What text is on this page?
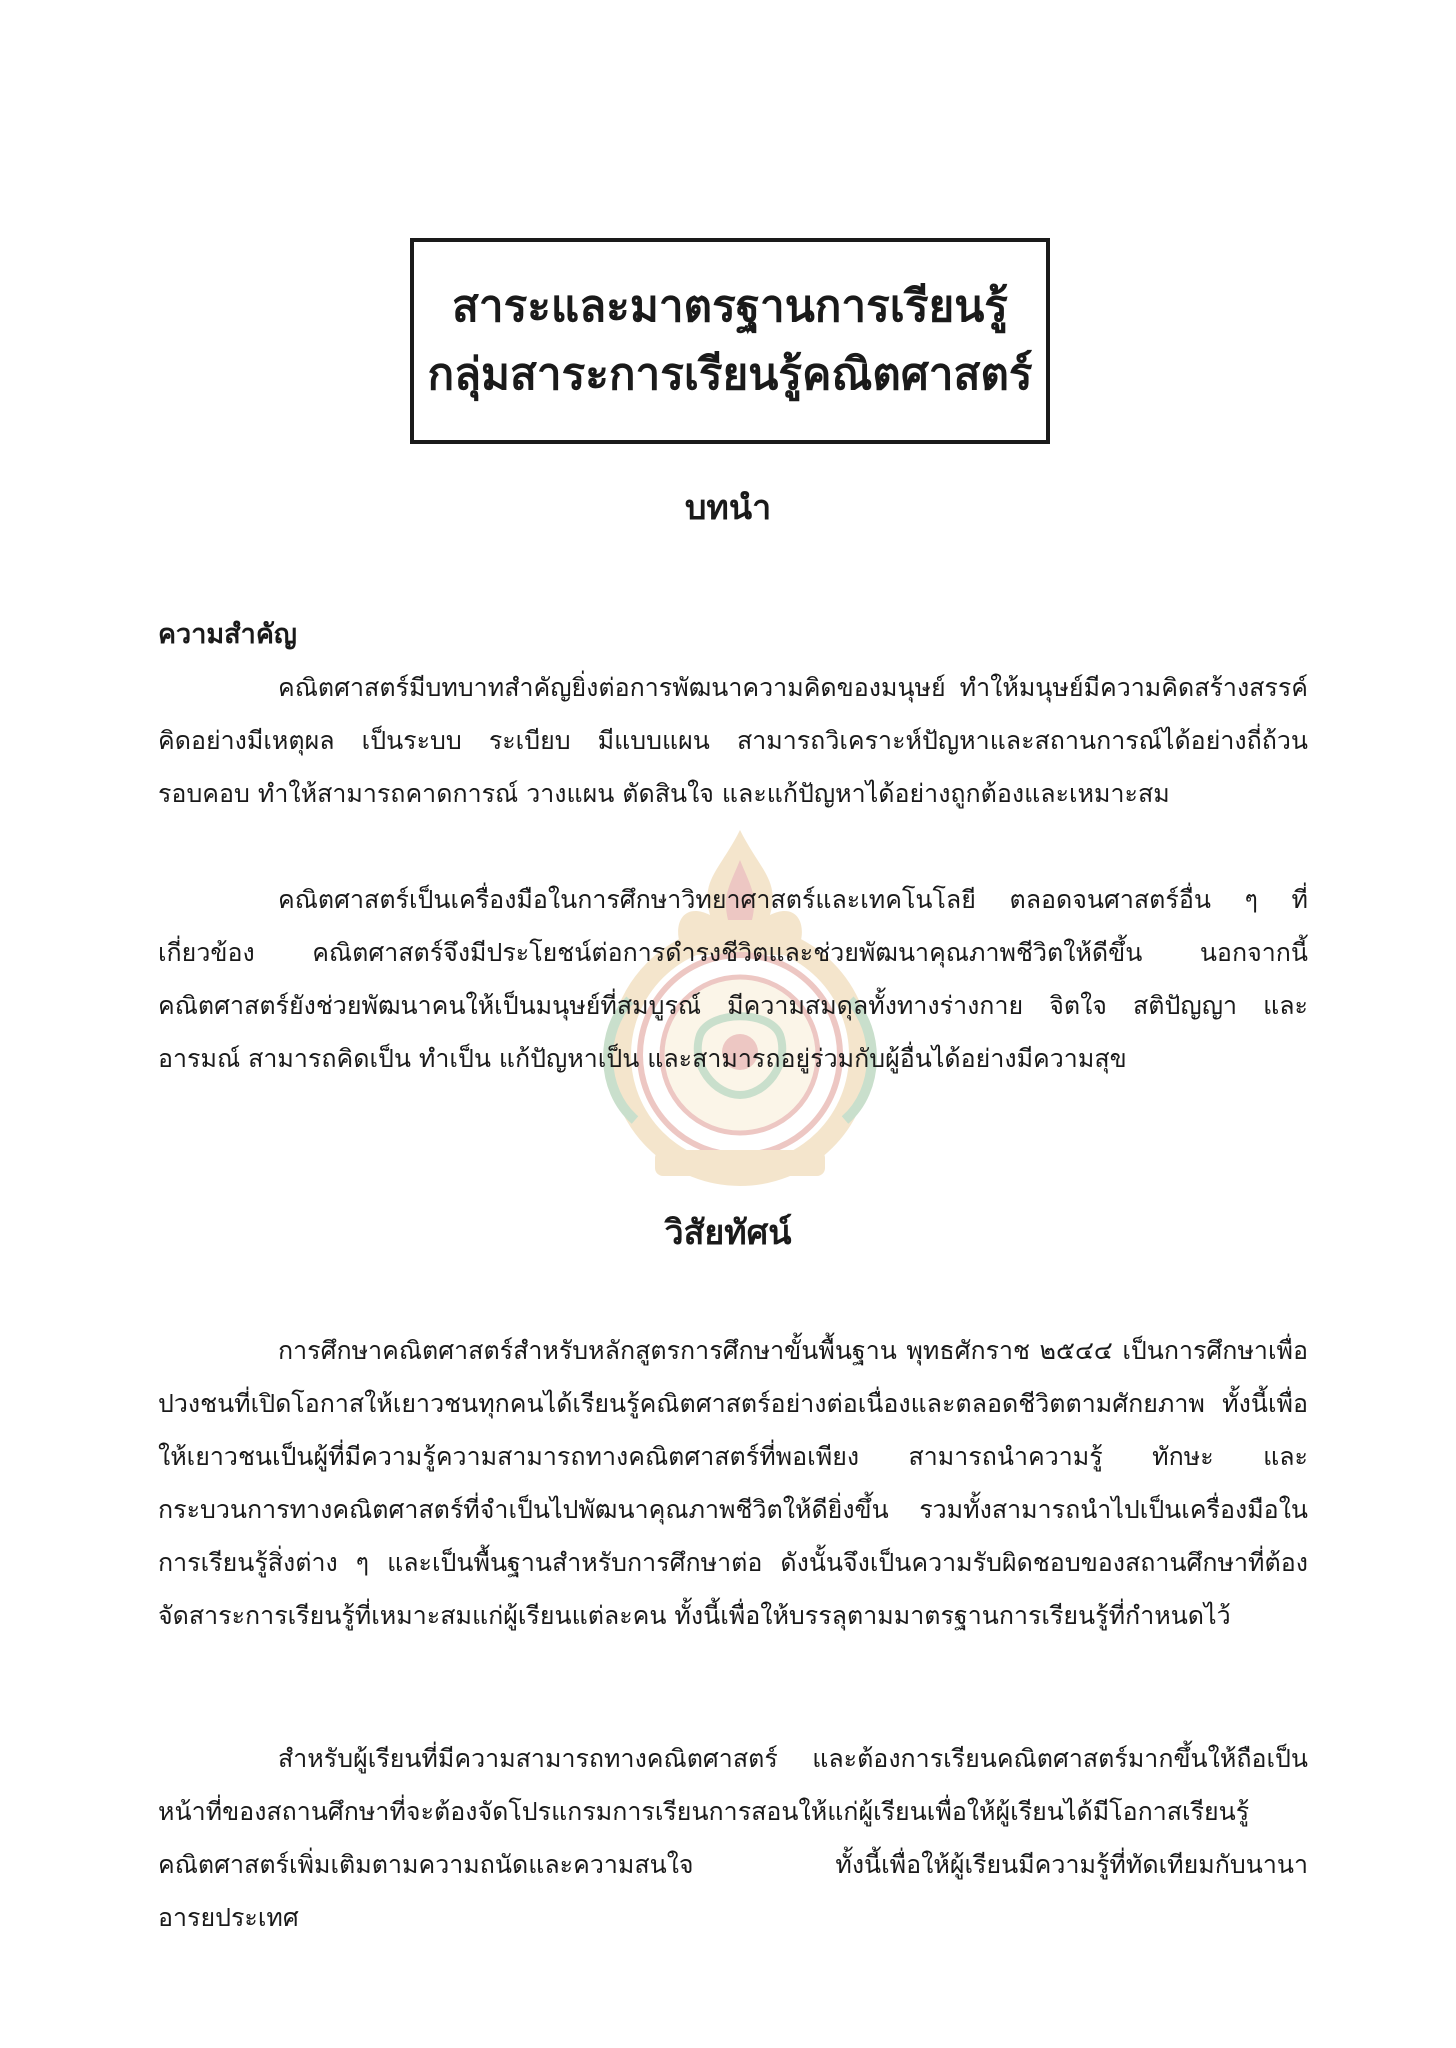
สาระและมาตรฐานการเรียนรู้
กลุ่มสาระการเรียนรู้คณิตศาสตร์
บทนำ
ความสำคัญ

คณิตศาสตร์มีบทบาทสำคัญยิ่งต่อการพัฒนาความคิดของมนุษย์ ทำให้มนุษย์มีความคิดสร้างสรรค์ คิดอย่างมีเหตุผล เป็นระบบ ระเบียบ มีแบบแผน สามารถวิเคราะห์ปัญหาและสถานการณ์ได้อย่างถี่ถ้วนรอบคอบ ทำให้สามารถคาดการณ์ วางแผน ตัดสินใจ และแก้ปัญหาได้อย่างถูกต้องและเหมาะสม

คณิตศาสตร์เป็นเครื่องมือในการศึกษาวิทยาศาสตร์และเทคโนโลยี ตลอดจนศาสตร์อื่น ๆ ที่เกี่ยวข้อง คณิตศาสตร์จึงมีประโยชน์ต่อการดำรงชีวิตและช่วยพัฒนาคุณภาพชีวิตให้ดีขึ้น นอกจากนี้ คณิตศาสตร์ยังช่วยพัฒนาคนให้เป็นมนุษย์ที่สมบูรณ์ มีความสมดุลทั้งทางร่างกาย จิตใจ สติปัญญา และอารมณ์ สามารถคิดเป็น ทำเป็น แก้ปัญหาเป็น และสามารถอยู่ร่วมกับผู้อื่นได้อย่างมีความสุข

วิสัยทัศน์

การศึกษาคณิตศาสตร์สำหรับหลักสูตรการศึกษาขั้นพื้นฐาน พุทธศักราช ๒๕๔๔ เป็นการศึกษาเพื่อปวงชนที่เปิดโอกาสให้เยาวชนทุกคนได้เรียนรู้คณิตศาสตร์อย่างต่อเนื่องและตลอดชีวิตตามศักยภาพ ทั้งนี้เพื่อให้เยาวชนเป็นผู้ที่มีความรู้ความสามารถทางคณิตศาสตร์ที่พอเพียง สามารถนำความรู้ ทักษะ และกระบวนการทางคณิตศาสตร์ที่จำเป็นไปพัฒนาคุณภาพชีวิตให้ดียิ่งขึ้น รวมทั้งสามารถนำไปเป็นเครื่องมือในการเรียนรู้สิ่งต่าง ๆ และเป็นพื้นฐานสำหรับการศึกษาต่อ ดังนั้นจึงเป็นความรับผิดชอบของสถานศึกษาที่ต้องจัดสาระการเรียนรู้ที่เหมาะสมแก่ผู้เรียนแต่ละคน ทั้งนี้เพื่อให้บรรลุตามมาตรฐานการเรียนรู้ที่กำหนดไว้

สำหรับผู้เรียนที่มีความสามารถทางคณิตศาสตร์ และต้องการเรียนคณิตศาสตร์มากขึ้นให้ถือเป็นหน้าที่ของสถานศึกษาที่จะต้องจัดโปรแกรมการเรียนการสอนให้แก่ผู้เรียนเพื่อให้ผู้เรียนได้มีโอกาสเรียนรู้คณิตศาสตร์เพิ่มเติมตามความถนัดและความสนใจ ทั้งนี้เพื่อให้ผู้เรียนมีความรู้ที่ทัดเทียมกับนานาอารยประเทศ
